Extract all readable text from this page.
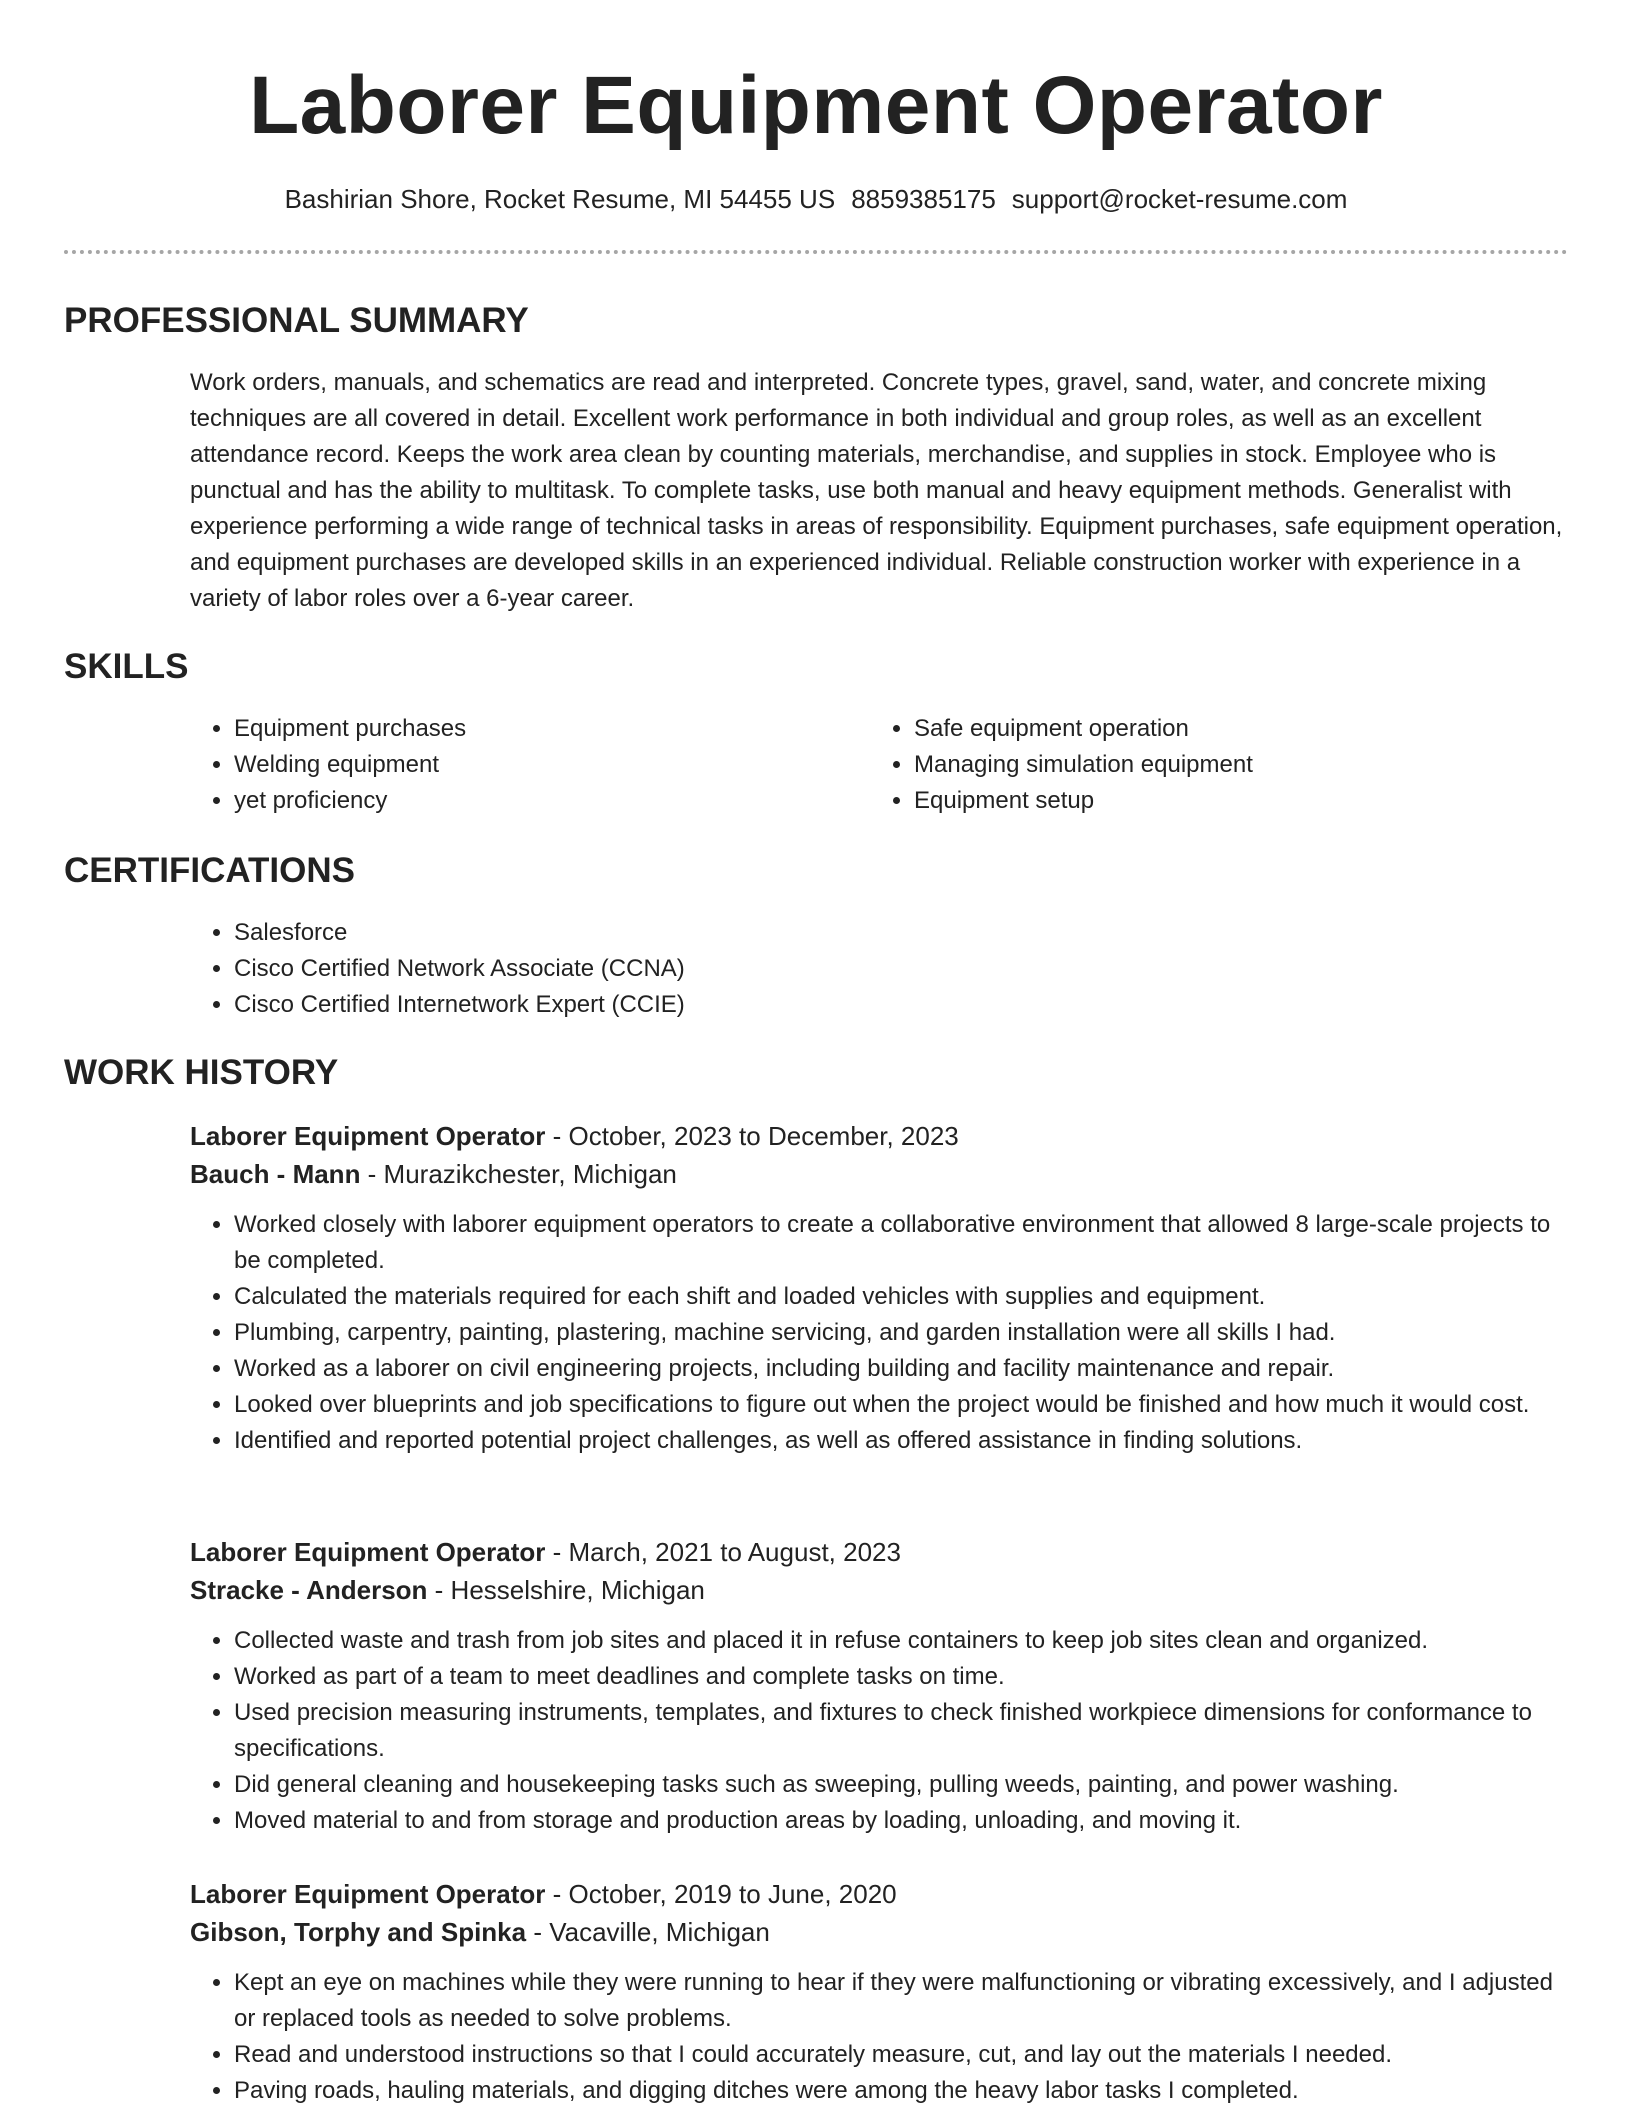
Laborer Equipment Operator
Bashirian Shore, Rocket Resume, MI 54455 US 8859385175 support@rocket-resume.com
PROFESSIONAL SUMMARY
Work orders, manuals, and schematics are read and interpreted. Concrete types, gravel, sand, water, and concrete mixing techniques are all covered in detail. Excellent work performance in both individual and group roles, as well as an excellent attendance record. Keeps the work area clean by counting materials, merchandise, and supplies in stock. Employee who is punctual and has the ability to multitask. To complete tasks, use both manual and heavy equipment methods. Generalist with experience performing a wide range of technical tasks in areas of responsibility. Equipment purchases, safe equipment operation, and equipment purchases are developed skills in an experienced individual. Reliable construction worker with experience in a variety of labor roles over a 6-year career.
SKILLS
• Equipment purchases
• Welding equipment
• yet proficiency
• Safe equipment operation
• Managing simulation equipment
• Equipment setup
CERTIFICATIONS
• Salesforce
• Cisco Certified Network Associate (CCNA)
• Cisco Certified Internetwork Expert (CCIE)
WORK HISTORY
Laborer Equipment Operator - October, 2023 to December, 2023
Bauch - Mann - Murazikchester, Michigan
• Worked closely with laborer equipment operators to create a collaborative environment that allowed 8 large-scale projects to be completed.
• Calculated the materials required for each shift and loaded vehicles with supplies and equipment.
• Plumbing, carpentry, painting, plastering, machine servicing, and garden installation were all skills I had.
• Worked as a laborer on civil engineering projects, including building and facility maintenance and repair.
• Looked over blueprints and job specifications to figure out when the project would be finished and how much it would cost.
• Identified and reported potential project challenges, as well as offered assistance in finding solutions.
Laborer Equipment Operator - March, 2021 to August, 2023
Stracke - Anderson - Hesselshire, Michigan
• Collected waste and trash from job sites and placed it in refuse containers to keep job sites clean and organized.
• Worked as part of a team to meet deadlines and complete tasks on time.
• Used precision measuring instruments, templates, and fixtures to check finished workpiece dimensions for conformance to specifications.
• Did general cleaning and housekeeping tasks such as sweeping, pulling weeds, painting, and power washing.
• Moved material to and from storage and production areas by loading, unloading, and moving it.
Laborer Equipment Operator - October, 2019 to June, 2020
Gibson, Torphy and Spinka - Vacaville, Michigan
• Kept an eye on machines while they were running to hear if they were malfunctioning or vibrating excessively, and I adjusted or replaced tools as needed to solve problems.
• Read and understood instructions so that I could accurately measure, cut, and lay out the materials I needed.
• Paving roads, hauling materials, and digging ditches were among the heavy labor tasks I completed.
